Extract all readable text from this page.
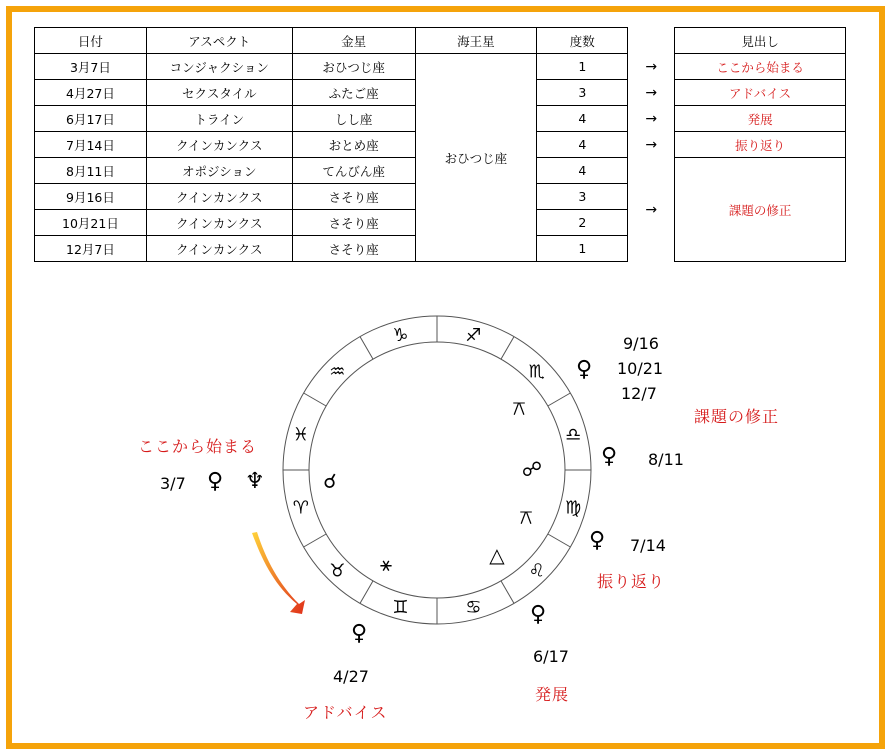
日付	アスペクト	金星	海王星	度数		見出し
3月7日	コンジャクション	おひつじ座	おひつじ座	1	→	ここから始まる
4月27日	セクスタイル	ふたご座		3	→	アドバイス
6月17日	トライン	しし座		4	→	発展
7月14日	クインカンクス	おとめ座		4	→	振り返り
8月11日	オポジション	てんびん座		4	→	課題の修正
9月16日	クインカンクス	さそり座		3		
10月21日	クインカンクス	さそり座		2		
12月7日	クインカンクス	さそり座		1		
♈
♉
♊	♋
♌
♍
♎
♏
♐
♑
♒
♓
☌
⚹	△
⚻
☍
⚻
ここから始まる
3/7 ♀ ♆
♀
4/27
アドバイス
♀
6/17
発展
♀ 7/14
振り返り
♀ 8/11
♀
9/16
10/21
12/7
課題の修正
